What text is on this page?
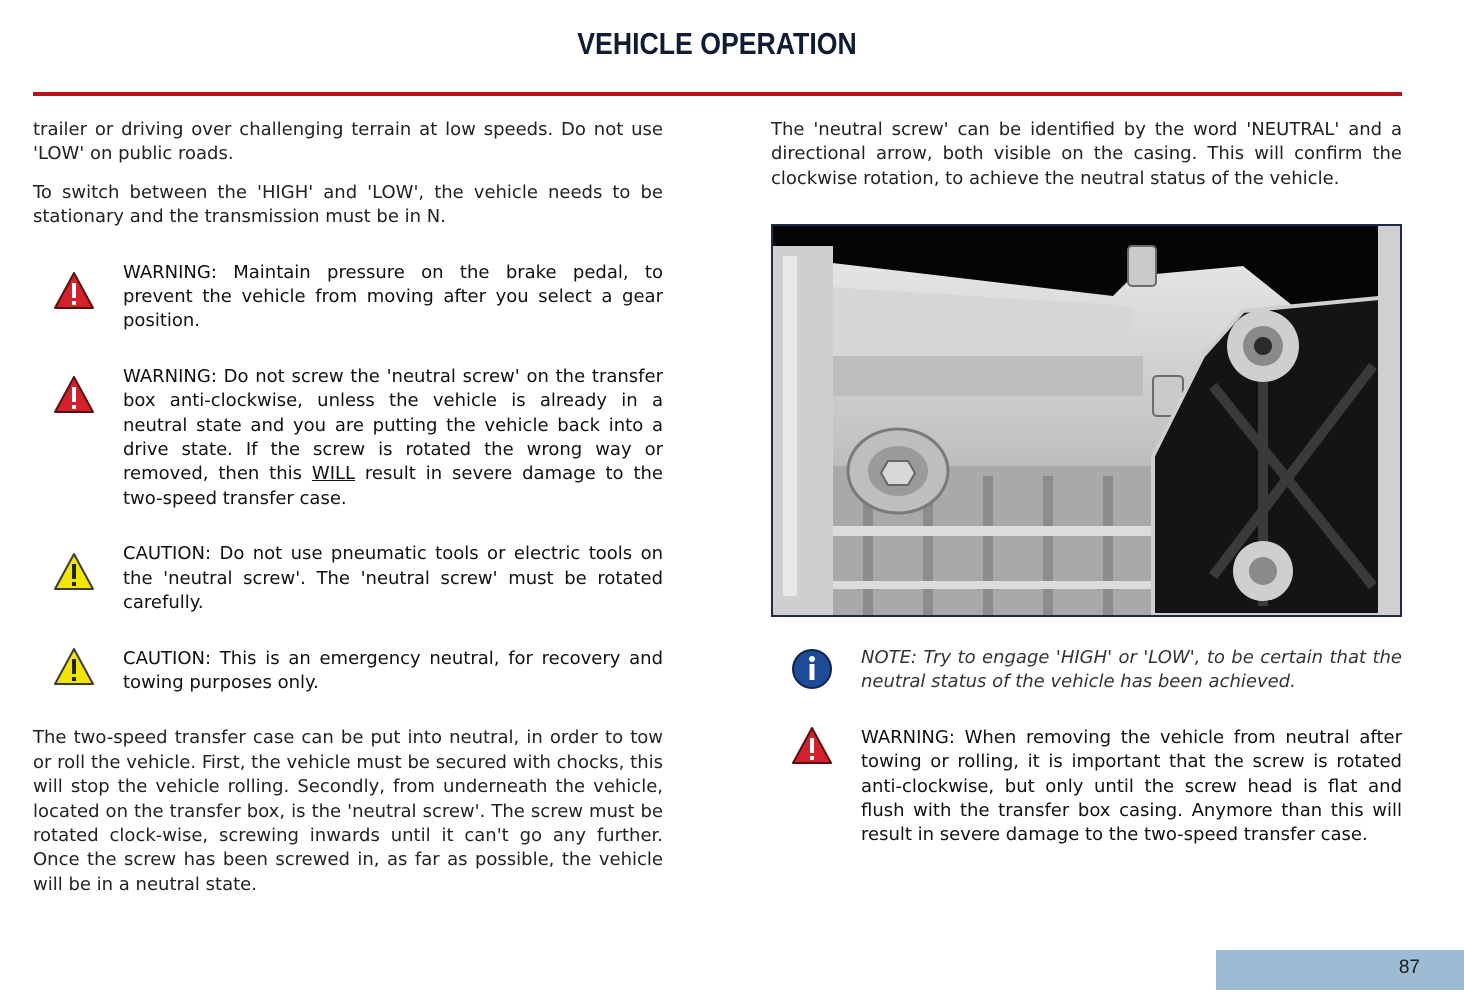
VEHICLE OPERATION

trailer or driving over challenging terrain at low speeds. Do not use 'LOW' on public roads.

To switch between the 'HIGH' and 'LOW', the vehicle needs to be stationary and the transmission must be in N.

WARNING: Maintain pressure on the brake pedal, to prevent the vehicle from moving after you select a gear position.

WARNING: Do not screw the 'neutral screw' on the transfer box anti-clockwise, unless the vehicle is already in a neutral state and you are putting the vehicle back into a drive state. If the screw is rotated the wrong way or removed, then this WILL result in severe damage to the two-speed transfer case.

CAUTION: Do not use pneumatic tools or electric tools on the 'neutral screw'. The 'neutral screw' must be rotated carefully.

CAUTION: This is an emergency neutral, for recovery and towing purposes only.

The two-speed transfer case can be put into neutral, in order to tow or roll the vehicle. First, the vehicle must be secured with chocks, this will stop the vehicle rolling. Secondly, from underneath the vehicle, located on the transfer box, is the 'neutral screw'. The screw must be rotated clock-wise, screwing inwards until it can't go any further. Once the screw has been screwed in, as far as possible, the vehicle will be in a neutral state.

The 'neutral screw' can be identified by the word 'NEUTRAL' and a directional arrow, both visible on the casing. This will confirm the clockwise rotation, to achieve the neutral status of the vehicle.

NOTE: Try to engage 'HIGH' or 'LOW', to be certain that the neutral status of the vehicle has been achieved.

WARNING: When removing the vehicle from neutral after towing or rolling, it is important that the screw is rotated anti-clockwise, but only until the screw head is flat and flush with the transfer box casing. Anymore than this will result in severe damage to the two-speed transfer case.

87
